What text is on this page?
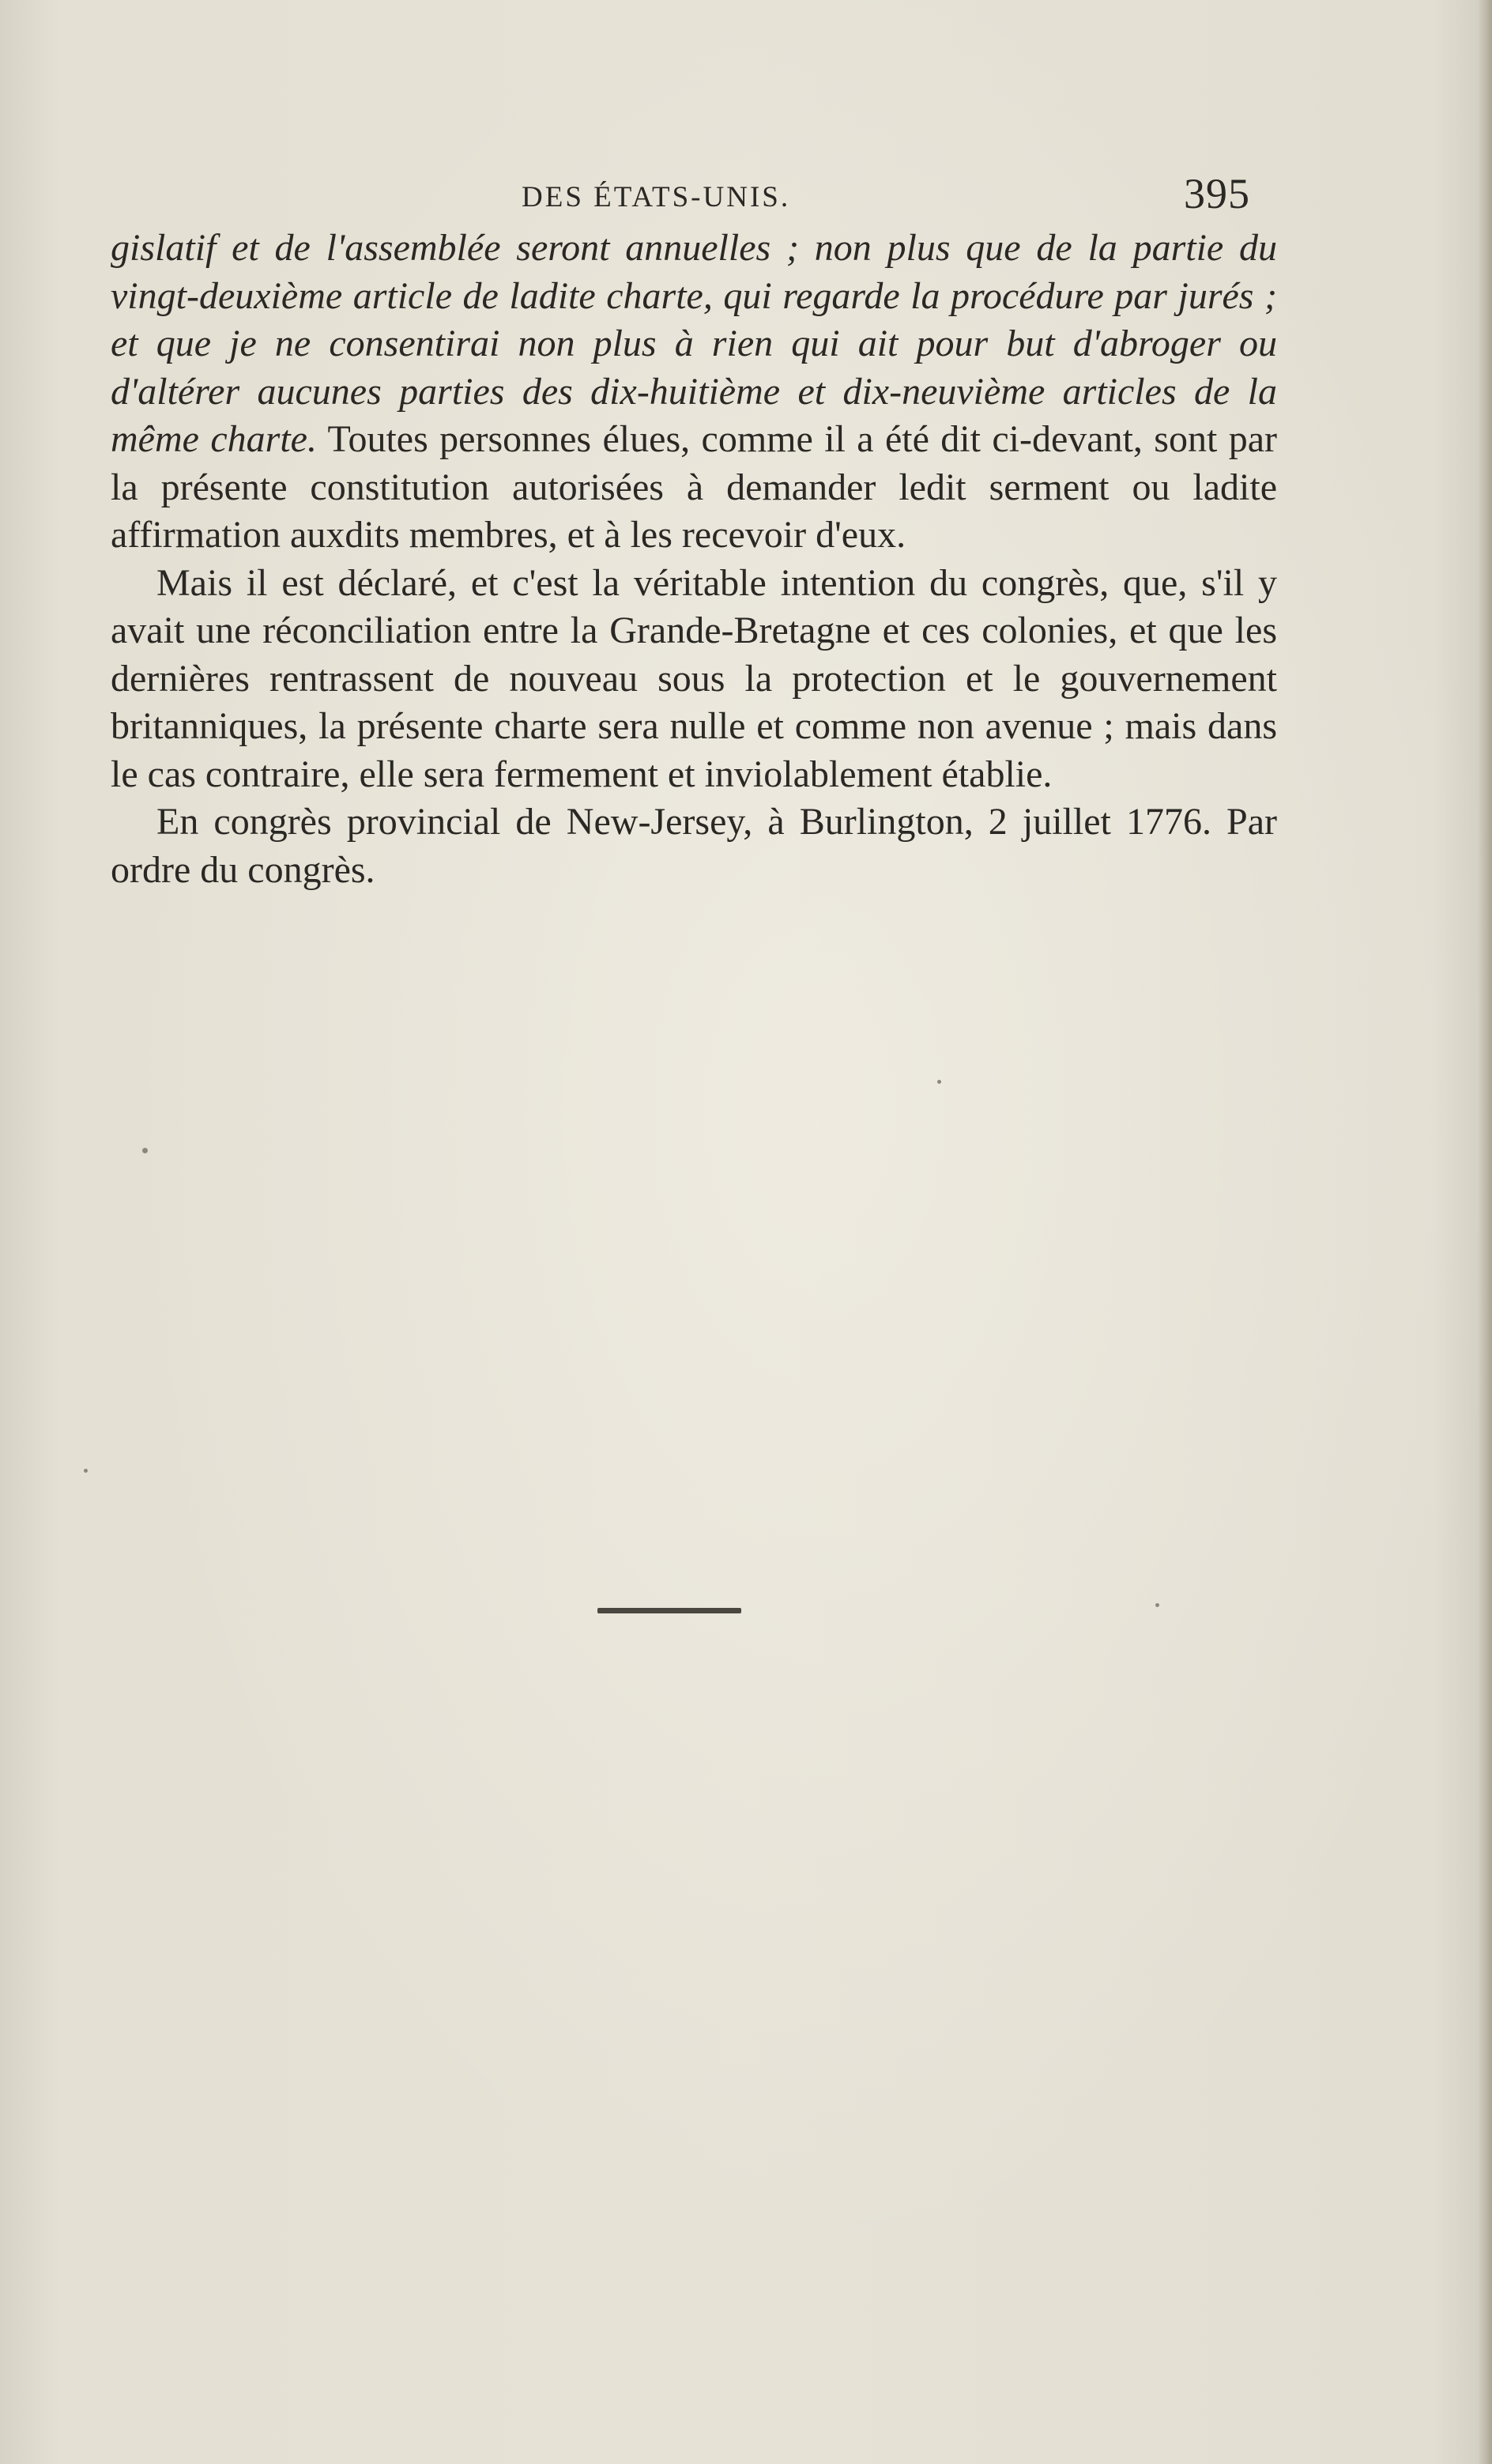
DES ÉTATS-UNIS.	395

gislatif et de l'assemblée seront annuelles ; non plus que de la partie du vingt-deuxième article de ladite charte, qui regarde la procédure par jurés ; et que je ne consentirai non plus à rien qui ait pour but d'abroger ou d'altérer aucunes parties des dix-huitième et dix-neuvième articles de la même charte. Toutes personnes élues, comme il a été dit ci-devant, sont par la présente constitution autorisées à demander ledit serment ou ladite affirmation auxdits membres, et à les recevoir d'eux.

Mais il est déclaré, et c'est la véritable intention du congrès, que, s'il y avait une réconciliation entre la Grande-Bretagne et ces colonies, et que les dernières rentrassent de nouveau sous la protection et le gouvernement britanniques, la présente charte sera nulle et comme non avenue ; mais dans le cas contraire, elle sera fermement et inviolablement établie.

En congrès provincial de New-Jersey, à Burlington, 2 juillet 1776. Par ordre du congrès.
